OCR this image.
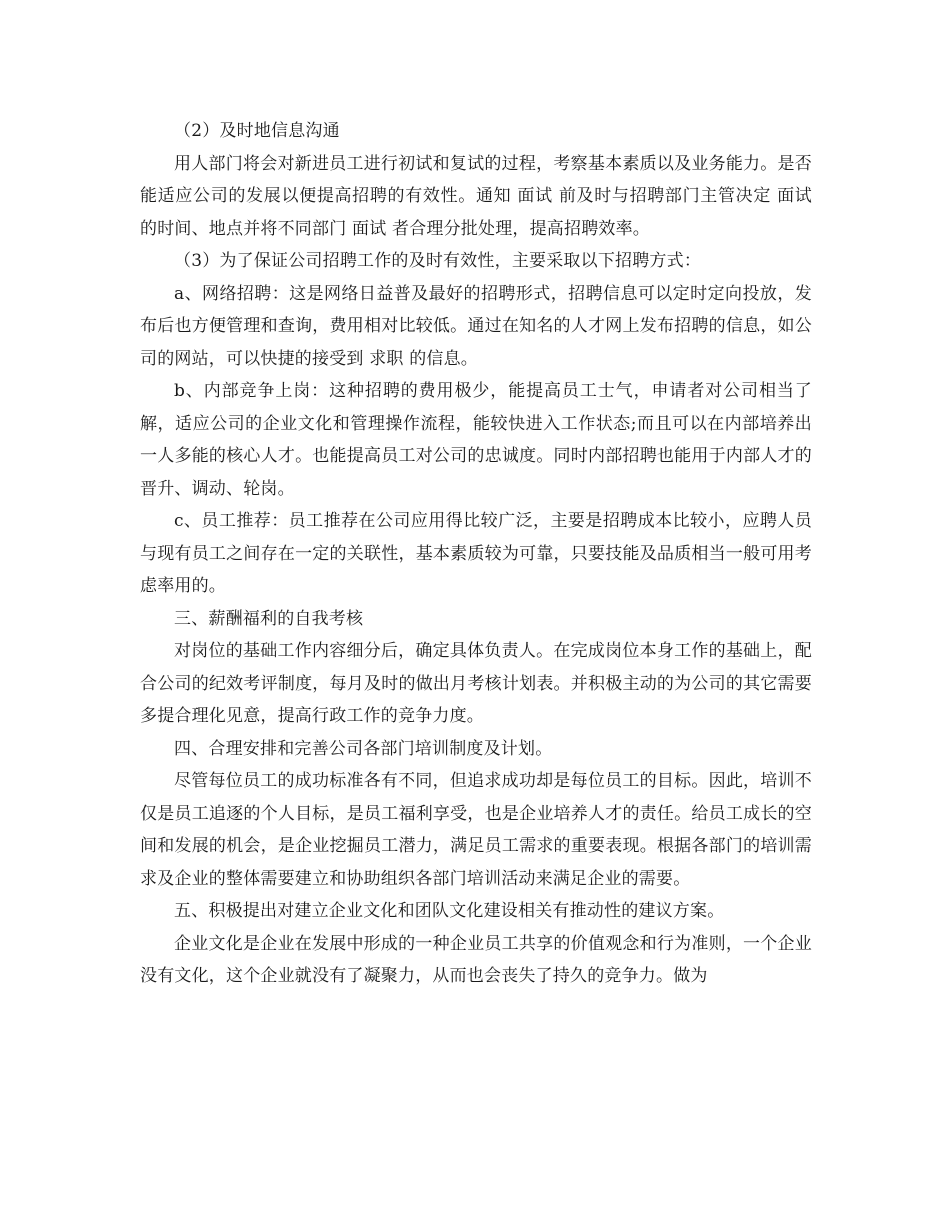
（2）及时地信息沟通

用人部门将会对新进员工进行初试和复试的过程，考察基本素质以及业务能力。是否能适应公司的发展以便提高招聘的有效性。通知 面试 前及时与招聘部门主管决定 面试 的时间、地点并将不同部门 面试 者合理分批处理，提高招聘效率。

（3）为了保证公司招聘工作的及时有效性，主要采取以下招聘方式：

a、网络招聘：这是网络日益普及最好的招聘形式，招聘信息可以定时定向投放，发布后也方便管理和查询，费用相对比较低。通过在知名的人才网上发布招聘的信息，如公司的网站，可以快捷的接受到 求职 的信息。

b、内部竞争上岗：这种招聘的费用极少，能提高员工士气，申请者对公司相当了解，适应公司的企业文化和管理操作流程，能较快进入工作状态;而且可以在内部培养出一人多能的核心人才。也能提高员工对公司的忠诚度。同时内部招聘也能用于内部人才的晋升、调动、轮岗。

c、员工推荐：员工推荐在公司应用得比较广泛，主要是招聘成本比较小，应聘人员与现有员工之间存在一定的关联性，基本素质较为可靠，只要技能及品质相当一般可用考虑率用的。

三、薪酬福利的自我考核

对岗位的基础工作内容细分后，确定具体负责人。在完成岗位本身工作的基础上，配合公司的纪效考评制度，每月及时的做出月考核计划表。并积极主动的为公司的其它需要多提合理化见意，提高行政工作的竞争力度。

四、合理安排和完善公司各部门培训制度及计划。

尽管每位员工的成功标准各有不同，但追求成功却是每位员工的目标。因此，培训不仅是员工追逐的个人目标，是员工福利享受，也是企业培养人才的责任。给员工成长的空间和发展的机会，是企业挖掘员工潜力，满足员工需求的重要表现。根据各部门的培训需求及企业的整体需要建立和协助组织各部门培训活动来满足企业的需要。

五、积极提出对建立企业文化和团队文化建设相关有推动性的建议方案。

企业文化是企业在发展中形成的一种企业员工共享的价值观念和行为准则，一个企业没有文化，这个企业就没有了凝聚力，从而也会丧失了持久的竞争力。做为
